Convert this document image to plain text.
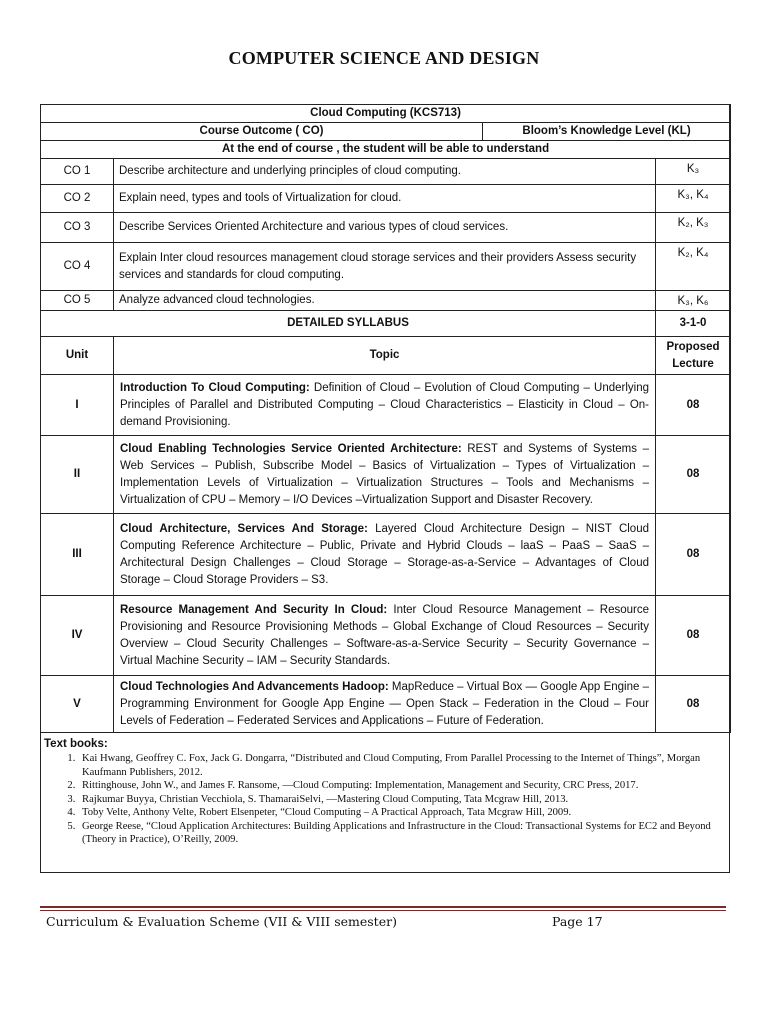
COMPUTER SCIENCE AND DESIGN
Cloud Computing (KCS713)			
Course Outcome ( CO)		Bloom’s Knowledge Level (KL)	
At the end of course , the student will be able to understand			
CO 1	Describe architecture and underlying principles of cloud computing.		K₃
CO 2	Explain need, types and tools of Virtualization for cloud.		K₃, K₄
CO 3	Describe Services Oriented Architecture and various types of cloud services.		K₂, K₃
CO 4	Explain Inter cloud resources management cloud storage services and their providers Assess security services and standards for cloud computing.		K₂, K₄
CO 5	Analyze advanced cloud technologies.		K₃, K₆
DETAILED SYLLABUS			3-1-0
Unit	Topic		Proposed Lecture
I	Introduction To Cloud Computing: Definition of Cloud – Evolution of Cloud Computing – Underlying Principles of Parallel and Distributed Computing – Cloud Characteristics – Elasticity in Cloud – On-demand Provisioning.		08
II	Cloud Enabling Technologies Service Oriented Architecture: REST and Systems of Systems – Web Services – Publish, Subscribe Model – Basics of Virtualization – Types of Virtualization – Implementation Levels of Virtualization – Virtualization Structures – Tools and Mechanisms – Virtualization of CPU – Memory – I/O Devices –Virtualization Support and Disaster Recovery.		08
III	Cloud Architecture, Services And Storage: Layered Cloud Architecture Design – NIST Cloud Computing Reference Architecture – Public, Private and Hybrid Clouds – laaS – PaaS – SaaS – Architectural Design Challenges – Cloud Storage – Storage-as-a-Service – Advantages of Cloud Storage – Cloud Storage Providers – S3.		08
IV	Resource Management And Security In Cloud: Inter Cloud Resource Management – Resource Provisioning and Resource Provisioning Methods – Global Exchange of Cloud Resources – Security Overview – Cloud Security Challenges – Software-as-a-Service Security – Security Governance – Virtual Machine Security – IAM – Security Standards.		08
V	Cloud Technologies And Advancements Hadoop: MapReduce – Virtual Box — Google App Engine – Programming Environment for Google App Engine — Open Stack – Federation in the Cloud – Four Levels of Federation – Federated Services and Applications – Future of Federation.		08
Text books:
1. Kai Hwang, Geoffrey C. Fox, Jack G. Dongarra, “Distributed and Cloud Computing, From Parallel Processing to the Internet of Things”, Morgan Kaufmann Publishers, 2012.
2. Rittinghouse, John W., and James F. Ransome, —Cloud Computing: Implementation, Management and Security, CRC Press, 2017.
3. Rajkumar Buyya, Christian Vecchiola, S. ThamaraiSelvi, —Mastering Cloud Computing, Tata Mcgraw Hill, 2013.
4. Toby Velte, Anthony Velte, Robert Elsenpeter, “Cloud Computing – A Practical Approach, Tata Mcgraw Hill, 2009.
5. George Reese, “Cloud Application Architectures: Building Applications and Infrastructure in the Cloud: Transactional Systems for EC2 and Beyond (Theory in Practice), O’Reilly, 2009.
Curriculum & Evaluation Scheme (VII & VIII semester)	Page 17
